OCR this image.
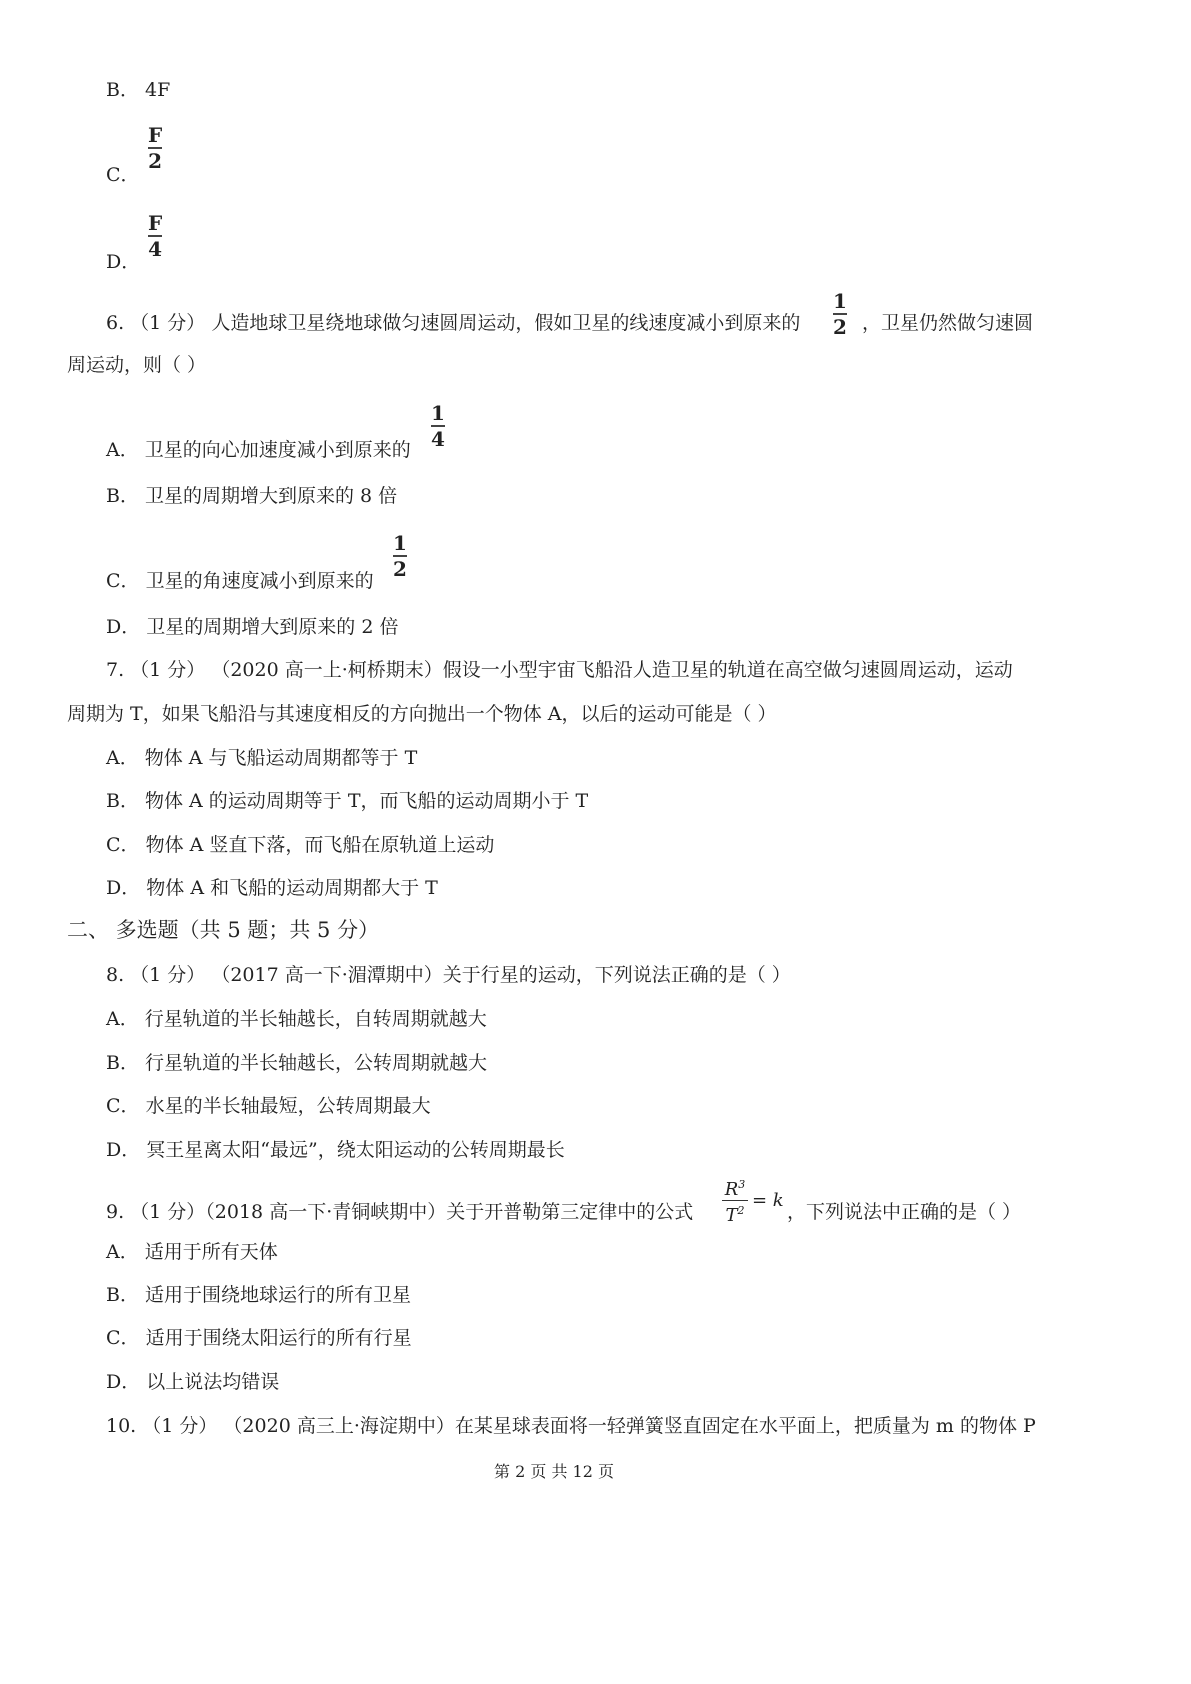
B． 4F
C．
F
2
D．
F
4
6. （1 分） 人造地球卫星绕地球做匀速圆周运动，假如卫星的线速度减小到原来的
1
2 ，卫星仍然做匀速圆
周运动，则（ ）
A． 卫星的向心加速度减小到原来的
1
4
B． 卫星的周期增大到原来的 8 倍
C． 卫星的角速度减小到原来的
1
2
D． 卫星的周期增大到原来的 2 倍
7. （1 分） （2020 高一上·柯桥期末）假设一小型宇宙飞船沿人造卫星的轨道在高空做匀速圆周运动，运动
周期为 T，如果飞船沿与其速度相反的方向抛出一个物体 A，以后的运动可能是（ ）
A． 物体 A 与飞船运动周期都等于 T
B． 物体 A 的运动周期等于 T，而飞船的运动周期小于 T
C． 物体 A 竖直下落，而飞船在原轨道上运动
D． 物体 A 和飞船的运动周期都大于 T
二、 多选题（共 5 题；共 5 分）
8. （1 分） （2017 高一下·湄潭期中）关于行星的运动，下列说法正确的是（ ）
A． 行星轨道的半长轴越长，自转周期就越大
B． 行星轨道的半长轴越长，公转周期就越大
C． 水星的半长轴最短，公转周期最大
D． 冥王星离太阳“最远”，绕太阳运动的公转周期最长
9. （1 分）（2018 高一下·青铜峡期中）关于开普勒第三定律中的公式
$R^3$
$T^2 = k$
，下列说法中正确的是（ ）
A． 适用于所有天体
B． 适用于围绕地球运行的所有卫星
C． 适用于围绕太阳运行的所有行星
D． 以上说法均错误
10. （1 分） （2020 高三上·海淀期中）在某星球表面将一轻弹簧竖直固定在水平面上，把质量为 m 的物体 P
第 2 页 共 12 页
